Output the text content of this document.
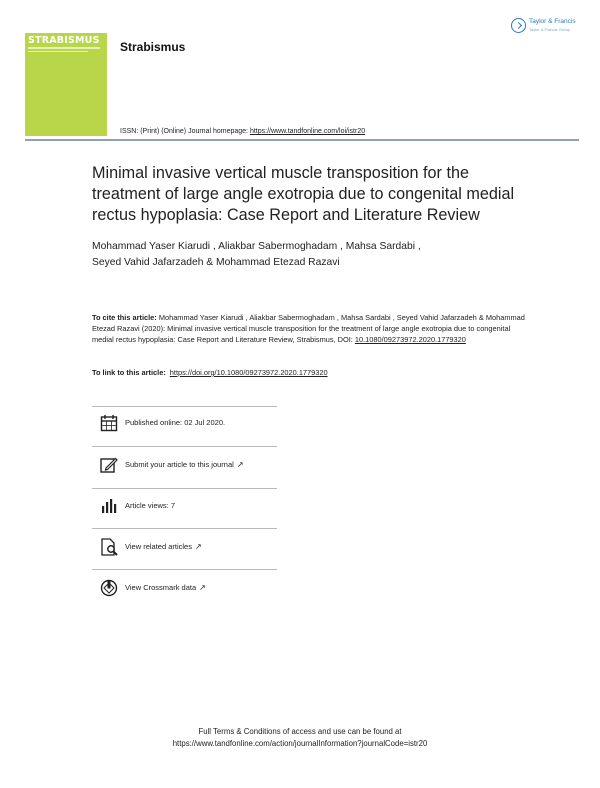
STRABISMUS Strabismus
Taylor & Francis
Taylor & Francis Group
ISSN: (Print) (Online) Journal homepage: https://www.tandfonline.com/loi/istr20
Minimal invasive vertical muscle transposition for the treatment of large angle exotropia due to congenital medial rectus hypoplasia: Case Report and Literature Review
Mohammad Yaser Kiarudi , Aliakbar Sabermoghadam , Mahsa Sardabi ,
Seyed Vahid Jafarzadeh & Mohammad Etezad Razavi
To cite this article: Mohammad Yaser Kiarudi , Aliakbar Sabermoghadam , Mahsa Sardabi , Seyed Vahid Jafarzadeh & Mohammad Etezad Razavi (2020): Minimal invasive vertical muscle transposition for the treatment of large angle exotropia due to congenital medial rectus hypoplasia: Case Report and Literature Review, Strabismus, DOI: 10.1080/09273972.2020.1779320
To link to this article: https://doi.org/10.1080/09273972.2020.1779320
Published online: 02 Jul 2020.
Submit your article to this journal ↗
Article views: 7
View related articles ↗
View Crossmark data ↗
Full Terms & Conditions of access and use can be found at
https://www.tandfonline.com/action/journalInformation?journalCode=istr20
